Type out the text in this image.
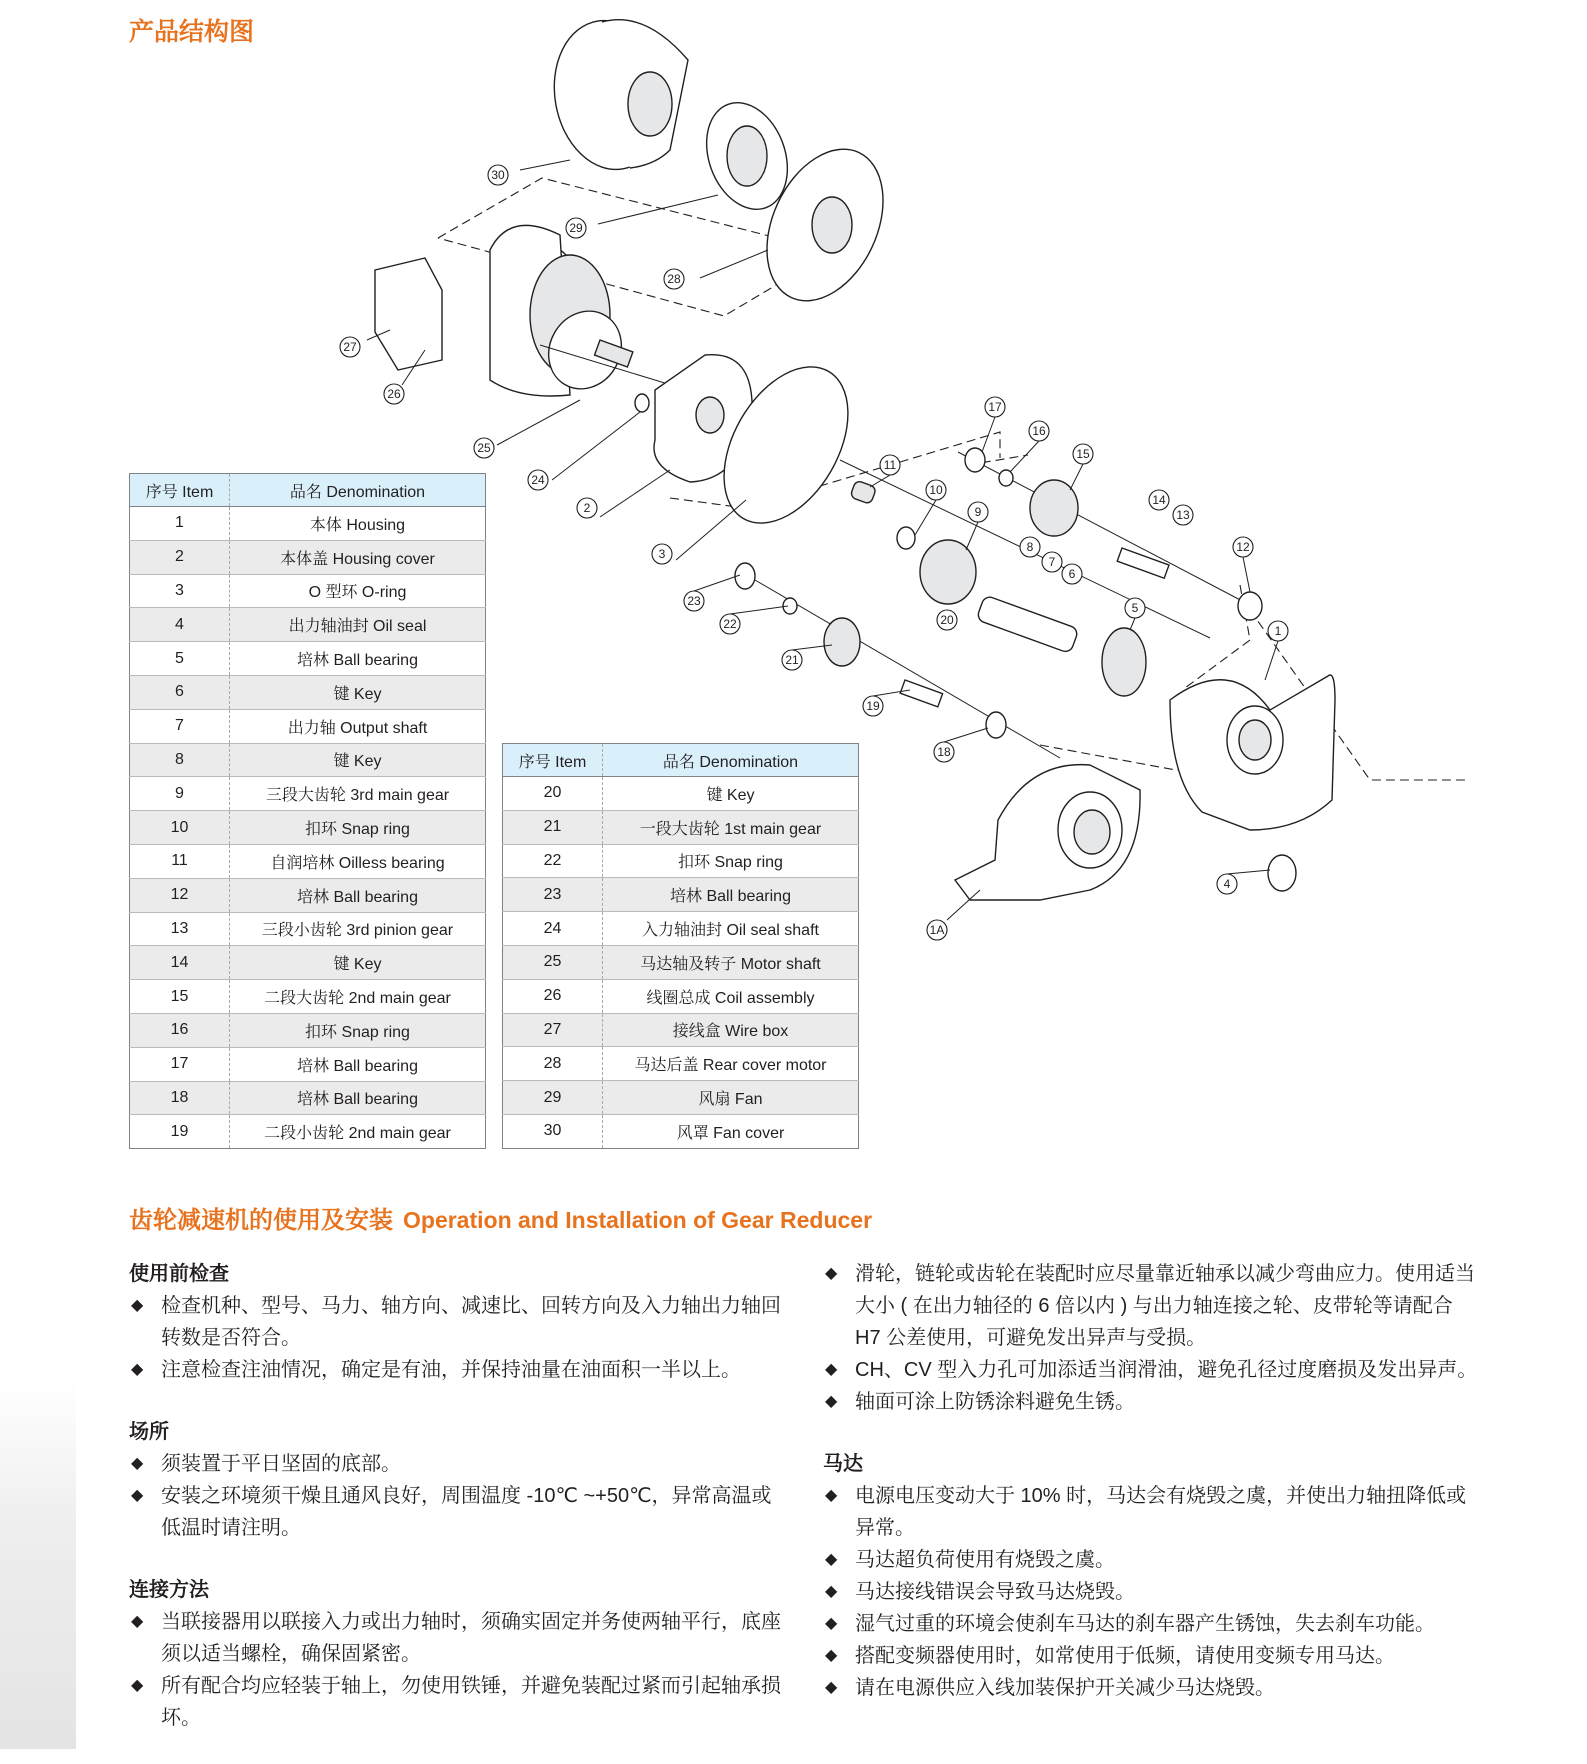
产品结构图
30
29
28
27
26
25
24
2
3
17
16
15
11
10
9
14
13
12
8
7
6
23
22
21
5
20
19
18
1
4
1A
序号 Item	品名 Denomination
1	本体 Housing
2	本体盖 Housing cover
3	O 型环 O-ring
4	出力轴油封 Oil seal
5	培林 Ball bearing
6	键 Key
7	出力轴 Output shaft
8	键 Key
9	三段大齿轮 3rd main gear
10	扣环 Snap ring
11	自润培林 Oilless bearing
12	培林 Ball bearing
13	三段小齿轮 3rd pinion gear
14	键 Key
15	二段大齿轮 2nd main gear
16	扣环 Snap ring
17	培林 Ball bearing
18	培林 Ball bearing
19	二段小齿轮 2nd main gear
序号 Item	品名 Denomination
20	键 Key
21	一段大齿轮 1st main gear
22	扣环 Snap ring
23	培林 Ball bearing
24	入力轴油封 Oil seal shaft
25	马达轴及转子 Motor shaft
26	线圈总成 Coil assembly
27	接线盒 Wire box
28	马达后盖 Rear cover motor
29	风扇 Fan
30	风罩 Fan cover
齿轮减速机的使用及安装 Operation and Installation of Gear Reducer
使用前检查
◆ 检查机种、型号、马力、轴方向、减速比、回转方向及入力轴出力轴回转数是否符合。
◆ 注意检查注油情况，确定是有油，并保持油量在油面积一半以上。
场所
◆ 须装置于平日坚固的底部。
◆ 安装之环境须干燥且通风良好，周围温度 -10℃ ~+50℃，异常高温或低温时请注明。
连接方法
◆ 当联接器用以联接入力或出力轴时，须确实固定并务使两轴平行，底座须以适当螺栓，确保固紧密。
◆ 所有配合均应轻装于轴上，勿使用铁锤，并避免装配过紧而引起轴承损坏。
◆ 滑轮，链轮或齿轮在装配时应尽量靠近轴承以减少弯曲应力。使用适当大小 ( 在出力轴径的 6 倍以内 ) 与出力轴连接之轮、皮带轮等请配合 H7 公差使用，可避免发出异声与受损。
◆ CH、CV 型入力孔可加添适当润滑油，避免孔径过度磨损及发出异声。
◆ 轴面可涂上防锈涂料避免生锈。
马达
◆ 电源电压变动大于 10% 时，马达会有烧毁之虞，并使出力轴扭降低或异常。
◆ 马达超负荷使用有烧毁之虞。
◆ 马达接线错误会导致马达烧毁。
◆ 湿气过重的环境会使刹车马达的刹车器产生锈蚀，失去刹车功能。
◆ 搭配变频器使用时，如常使用于低频，请使用变频专用马达。
◆ 请在电源供应入线加装保护开关减少马达烧毁。
